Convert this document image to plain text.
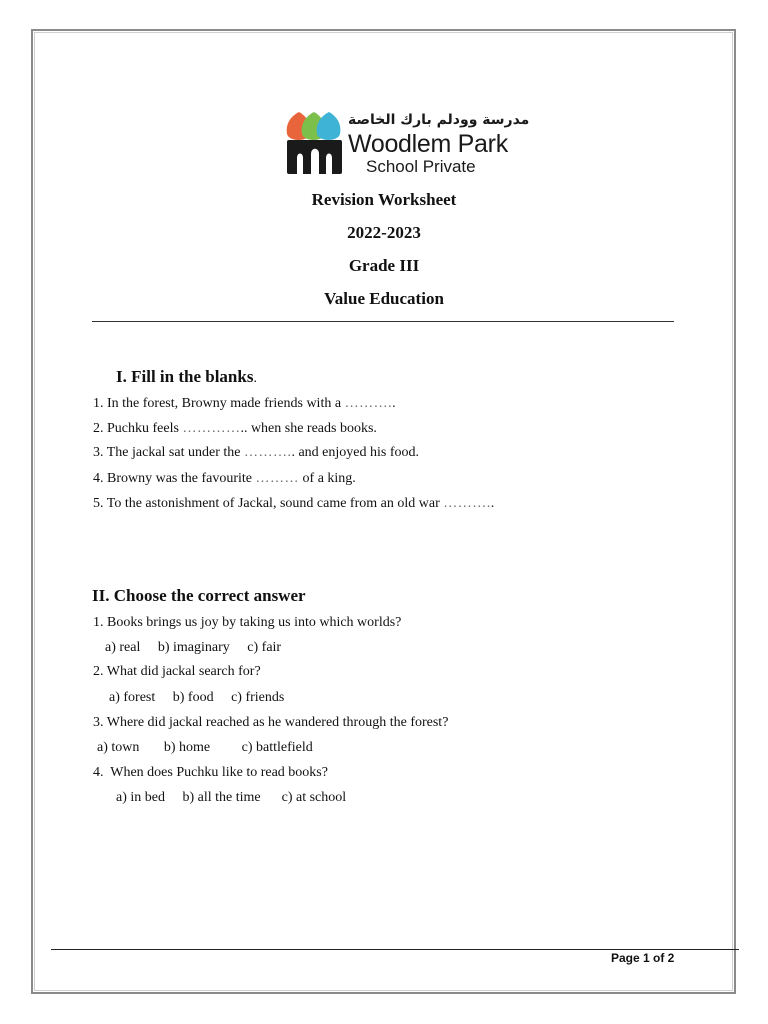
مدرسة وودلم بارك الخاصة
Woodlem Park
School Private
Revision Worksheet
2022-2023
Grade III
Value Education
I. Fill in the blanks.
1. In the forest, Browny made friends with a ………..
2. Puchku feels ………….. when she reads books.
3. The jackal sat under the ……….. and enjoyed his food.
4. Browny was the favourite ……… of a king.
5. To the astonishment of Jackal, sound came from an old war ………..
II. Choose the correct answer
1. Books brings us joy by taking us into which worlds?
a) real     b) imaginary     c) fair
2. What did jackal search for?
a) forest     b) food     c) friends
3. Where did jackal reached as he wandered through the forest?
a) town       b) home         c) battlefield
4.  When does Puchku like to read books?
a) in bed     b) all the time      c) at school
Page 1 of 2
